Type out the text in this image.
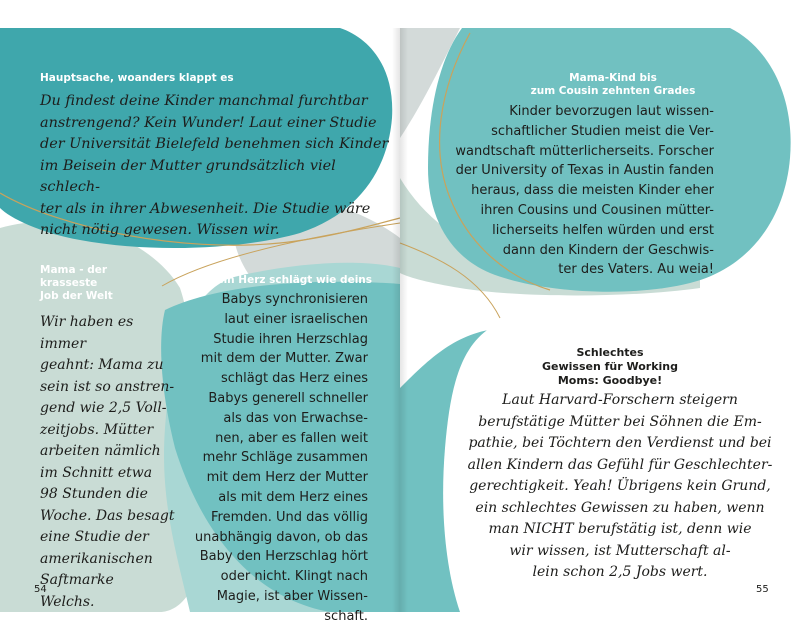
Hauptsache, woanders klappt es
Du findest deine Kinder manchmal furchtbar
anstrengend? Kein Wunder! Laut einer Studie
der Universität Bielefeld benehmen sich Kinder
im Beisein der Mutter grundsätzlich viel schlech-
ter als in ihrer Abwesenheit. Die Studie wäre
nicht nötig gewesen. Wissen wir.
Mama - der
krasseste
Job der Welt
Wir haben es immer
geahnt: Mama zu
sein ist so anstren-
gend wie 2,5 Voll-
zeitjobs. Mütter
arbeiten nämlich
im Schnitt etwa
98 Stunden die
Woche. Das besagt
eine Studie der
amerikanischen
Saftmarke
Welchs.
Mein Herz schlägt wie deins
Babys synchronisieren
laut einer israelischen
Studie ihren Herzschlag
mit dem der Mutter. Zwar
schlägt das Herz eines
Babys generell schneller
als das von Erwachse-
nen, aber es fallen weit
mehr Schläge zusammen
mit dem Herz der Mutter
als mit dem Herz eines
Fremden. Und das völlig
unabhängig davon, ob das
Baby den Herzschlag hört
oder nicht. Klingt nach
Magie, ist aber Wissen-
schaft.
54
Mama-Kind bis
zum Cousin zehnten Grades
Kinder bevorzugen laut wissen-
schaftlicher Studien meist die Ver-
wandtschaft mütterlicherseits. Forscher
der University of Texas in Austin fanden
heraus, dass die meisten Kinder eher
ihren Cousins und Cousinen mütter-
licherseits helfen würden und erst
dann den Kindern der Geschwis-
ter des Vaters. Au weia!
Schlechtes
Gewissen für Working
Moms: Goodbye!
Laut Harvard-Forschern steigern
berufstätige Mütter bei Söhnen die Em-
pathie, bei Töchtern den Verdienst und bei
allen Kindern das Gefühl für Geschlechter-
gerechtigkeit. Yeah! Übrigens kein Grund,
ein schlechtes Gewissen zu haben, wenn
man NICHT berufstätig ist, denn wie
wir wissen, ist Mutterschaft al-
lein schon 2,5 Jobs wert.
55
